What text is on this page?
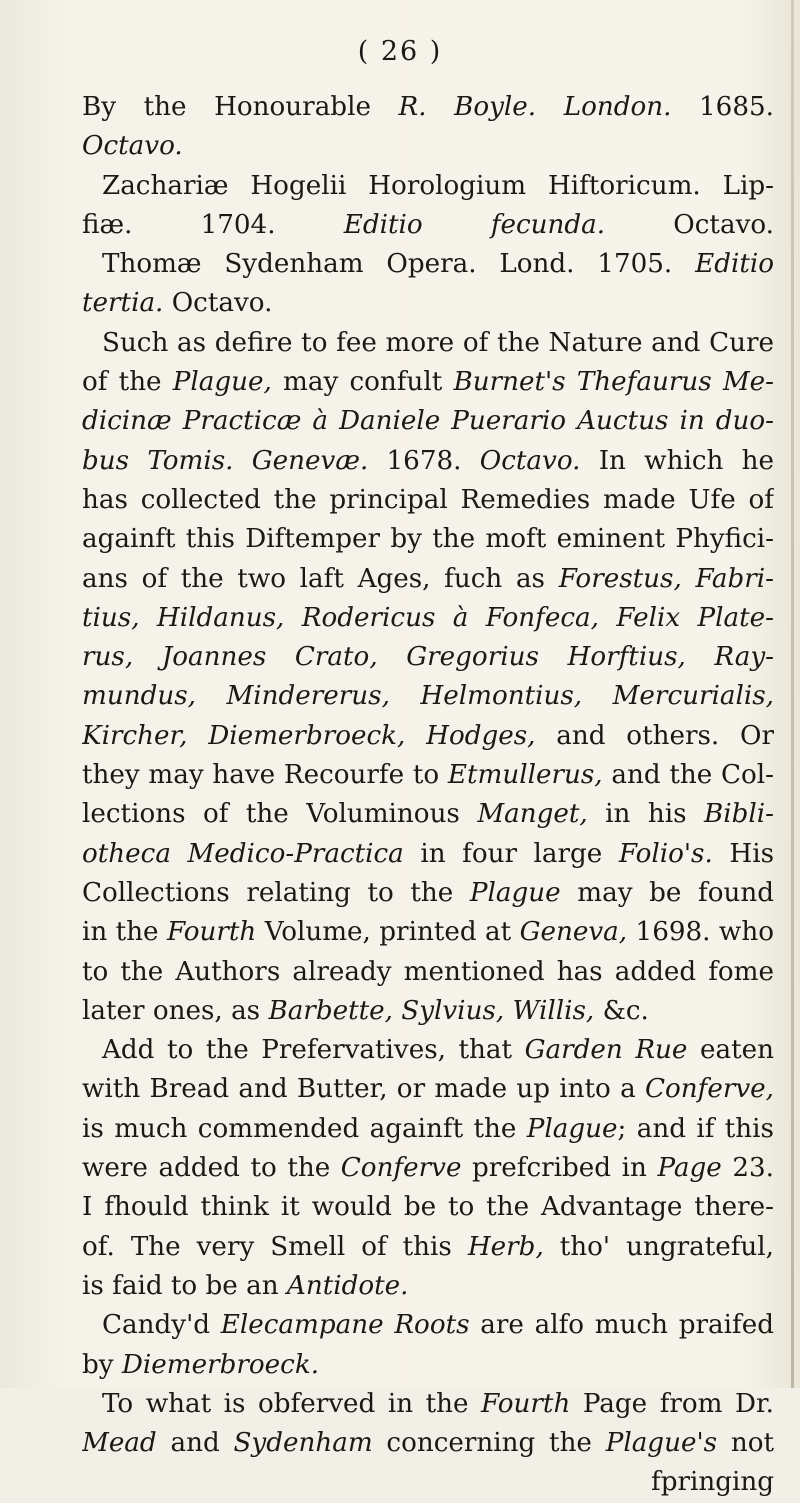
( 26 )
By the Honourable R. Boyle. London. 1685.
Octavo.
Zachariæ Hogelii Horologium Hiftoricum. Lip-
fiæ. 1704. Editio fecunda. Octavo.
Thomæ Sydenham Opera. Lond. 1705. Editio
tertia. Octavo.
Such as defire to fee more of the Nature and Cure
of the Plague, may confult Burnet's Thefaurus Me-
dicinæ Practicæ à Daniele Puerario Auctus in duo-
bus Tomis. Genevæ. 1678. Octavo. In which he
has collected the principal Remedies made Ufe of
againft this Diftemper by the moft eminent Phyfici-
ans of the two laft Ages, fuch as Forestus, Fabri-
tius, Hildanus, Rodericus à Fonfeca, Felix Plate-
rus, Joannes Crato, Gregorius Horftius, Ray-
mundus, Mindererus, Helmontius, Mercurialis,
Kircher, Diemerbroeck, Hodges, and others. Or
they may have Recourfe to Etmullerus, and the Col-
lections of the Voluminous Manget, in his Bibli-
otheca Medico-Practica in four large Folio's. His
Collections relating to the Plague may be found
in the Fourth Volume, printed at Geneva, 1698. who
to the Authors already mentioned has added fome
later ones, as Barbette, Sylvius, Willis, &c.
Add to the Prefervatives, that Garden Rue eaten
with Bread and Butter, or made up into a Conferve,
is much commended againft the Plague; and if this
were added to the Conferve prefcribed in Page 23.
I fhould think it would be to the Advantage there-
of. The very Smell of this Herb, tho' ungrateful,
is faid to be an Antidote.
Candy'd Elecampane Roots are alfo much praifed
by Diemerbroeck.
To what is obferved in the Fourth Page from Dr.
Mead and Sydenham concerning the Plague's not
fpringing
